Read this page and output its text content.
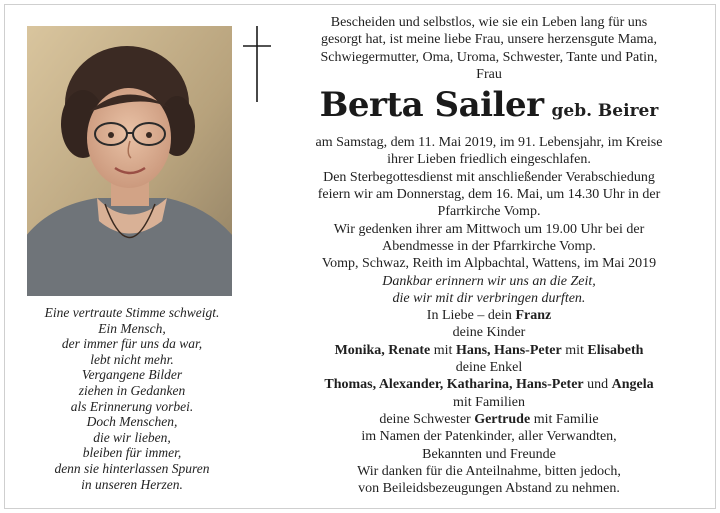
Eine vertraute Stimme schweigt.
Ein Mensch,
der immer für uns da war,
lebt nicht mehr.
Vergangene Bilder
ziehen in Gedanken
als Erinnerung vorbei.
Doch Menschen,
die wir lieben,
bleiben für immer,
denn sie hinterlassen Spuren
in unseren Herzen.
Bescheiden und selbstlos, wie sie ein Leben lang für uns
gesorgt hat, ist meine liebe Frau, unsere herzensgute Mama,
Schwiegermutter, Oma, Uroma, Schwester, Tante und Patin,
Frau
Berta Sailer geb. Beirer
am Samstag, dem 11. Mai 2019, im 91. Lebensjahr, im Kreise
ihrer Lieben friedlich eingeschlafen.
Den Sterbegottesdienst mit anschließender Verabschiedung
feiern wir am Donnerstag, dem 16. Mai, um 14.30 Uhr in der
Pfarrkirche Vomp.
Wir gedenken ihrer am Mittwoch um 19.00 Uhr bei der
Abendmesse in der Pfarrkirche Vomp.
Vomp, Schwaz, Reith im Alpbachtal, Wattens, im Mai 2019
Dankbar erinnern wir uns an die Zeit,
die wir mit dir verbringen durften.
In Liebe – dein Franz
deine Kinder
Monika, Renate mit Hans, Hans-Peter mit Elisabeth
deine Enkel
Thomas, Alexander, Katharina, Hans-Peter und Angela
mit Familien
deine Schwester Gertrude mit Familie
im Namen der Patenkinder, aller Verwandten,
Bekannten und Freunde
Wir danken für die Anteilnahme, bitten jedoch,
von Beileidsbezeugungen Abstand zu nehmen.
